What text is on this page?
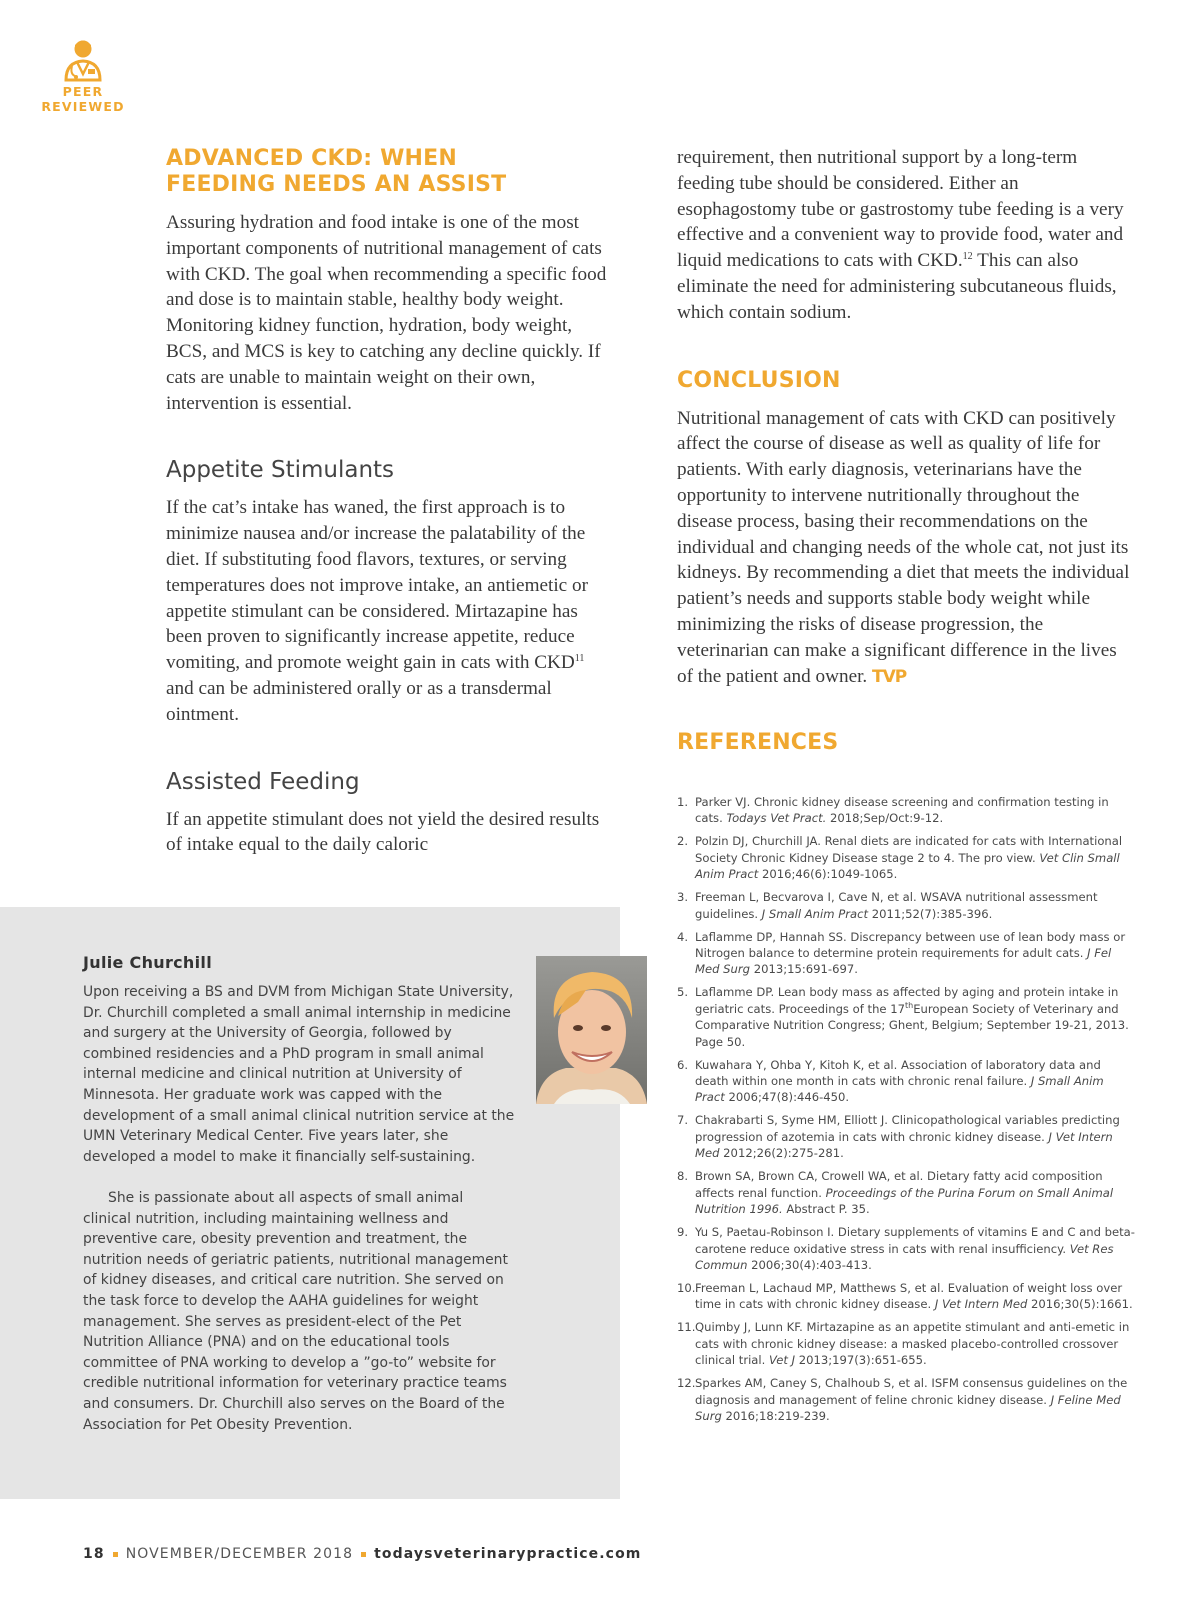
PEER
REVIEWED
ADVANCED CKD: WHEN
FEEDING NEEDS AN ASSIST

Assuring hydration and food intake is one of the most important components of nutritional management of cats with CKD. The goal when recommending a specific food and dose is to maintain stable, healthy body weight. Monitoring kidney function, hydration, body weight, BCS, and MCS is key to catching any decline quickly. If cats are unable to maintain weight on their own, intervention is essential.

Appetite Stimulants

If the cat’s intake has waned, the first approach is to minimize nausea and/or increase the palatability of the diet. If substituting food flavors, textures, or serving temperatures does not improve intake, an antiemetic or appetite stimulant can be considered. Mirtazapine has been proven to significantly increase appetite, reduce vomiting, and promote weight gain in cats with CKD$^{11}$ and can be administered orally or as a transdermal ointment.

Assisted Feeding

If an appetite stimulant does not yield the desired results of intake equal to the daily caloric

requirement, then nutritional support by a long-term feeding tube should be considered. Either an esophagostomy tube or gastrostomy tube feeding is a very effective and a convenient way to provide food, water and liquid medications to cats with CKD.$^{12}$ This can also eliminate the need for administering subcutaneous fluids, which contain sodium.

CONCLUSION

Nutritional management of cats with CKD can positively affect the course of disease as well as quality of life for patients. With early diagnosis, veterinarians have the opportunity to intervene nutritionally throughout the disease process, basing their recommendations on the individual and changing needs of the whole cat, not just its kidneys. By recommending a diet that meets the individual patient’s needs and supports stable body weight while minimizing the risks of disease progression, the veterinarian can make a significant difference in the lives of the patient and owner. TVP

REFERENCES
1. Parker VJ. Chronic kidney disease screening and confirmation testing in cats. Todays Vet Pract. 2018;Sep/Oct:9-12.
2. Polzin DJ, Churchill JA. Renal diets are indicated for cats with International Society Chronic Kidney Disease stage 2 to 4. The pro view. Vet Clin Small Anim Pract 2016;46(6):1049-1065.
3. Freeman L, Becvarova I, Cave N, et al. WSAVA nutritional assessment guidelines. J Small Anim Pract 2011;52(7):385-396.
4. Laflamme DP, Hannah SS. Discrepancy between use of lean body mass or Nitrogen balance to determine protein requirements for adult cats. J Fel Med Surg 2013;15:691-697.
5. Laflamme DP. Lean body mass as affected by aging and protein intake in geriatric cats. Proceedings of the 17thEuropean Society of Veterinary and Comparative Nutrition Congress; Ghent, Belgium; September 19-21, 2013. Page 50.
6. Kuwahara Y, Ohba Y, Kitoh K, et al. Association of laboratory data and death within one month in cats with chronic renal failure. J Small Anim Pract 2006;47(8):446-450.
7. Chakrabarti S, Syme HM, Elliott J. Clinicopathological variables predicting progression of azotemia in cats with chronic kidney disease. J Vet Intern Med 2012;26(2):275-281.
8. Brown SA, Brown CA, Crowell WA, et al. Dietary fatty acid composition affects renal function. Proceedings of the Purina Forum on Small Animal Nutrition 1996. Abstract P. 35.
9. Yu S, Paetau-Robinson I. Dietary supplements of vitamins E and C and beta-carotene reduce oxidative stress in cats with renal insufficiency. Vet Res Commun 2006;30(4):403-413.
10. Freeman L, Lachaud MP, Matthews S, et al. Evaluation of weight loss over time in cats with chronic kidney disease. J Vet Intern Med 2016;30(5):1661.
11. Quimby J, Lunn KF. Mirtazapine as an appetite stimulant and anti-emetic in cats with chronic kidney disease: a masked placebo-controlled crossover clinical trial. Vet J 2013;197(3):651-655.
12. Sparkes AM, Caney S, Chalhoub S, et al. ISFM consensus guidelines on the diagnosis and management of feline chronic kidney disease. J Feline Med Surg 2016;18:219-239.
Julie Churchill

Upon receiving a BS and DVM from Michigan State University, Dr. Churchill completed a small animal internship in medicine and surgery at the University of Georgia, followed by combined residencies and a PhD program in small animal internal medicine and clinical nutrition at University of Minnesota. Her graduate work was capped with the development of a small animal clinical nutrition service at the UMN Veterinary Medical Center. Five years later, she developed a model to make it financially self-sustaining.

She is passionate about all aspects of small animal clinical nutrition, including maintaining wellness and preventive care, obesity prevention and treatment, the nutrition needs of geriatric patients, nutritional management of kidney diseases, and critical care nutrition. She served on the task force to develop the AAHA guidelines for weight management. She serves as president-elect of the Pet Nutrition Alliance (PNA) and on the educational tools committee of PNA working to develop a ”go-to” website for credible nutritional information for veterinary practice teams and consumers. Dr. Churchill also serves on the Board of the Association for Pet Obesity Prevention.

18 NOVEMBER/DECEMBER 2018 todaysveterinarypractice.com
